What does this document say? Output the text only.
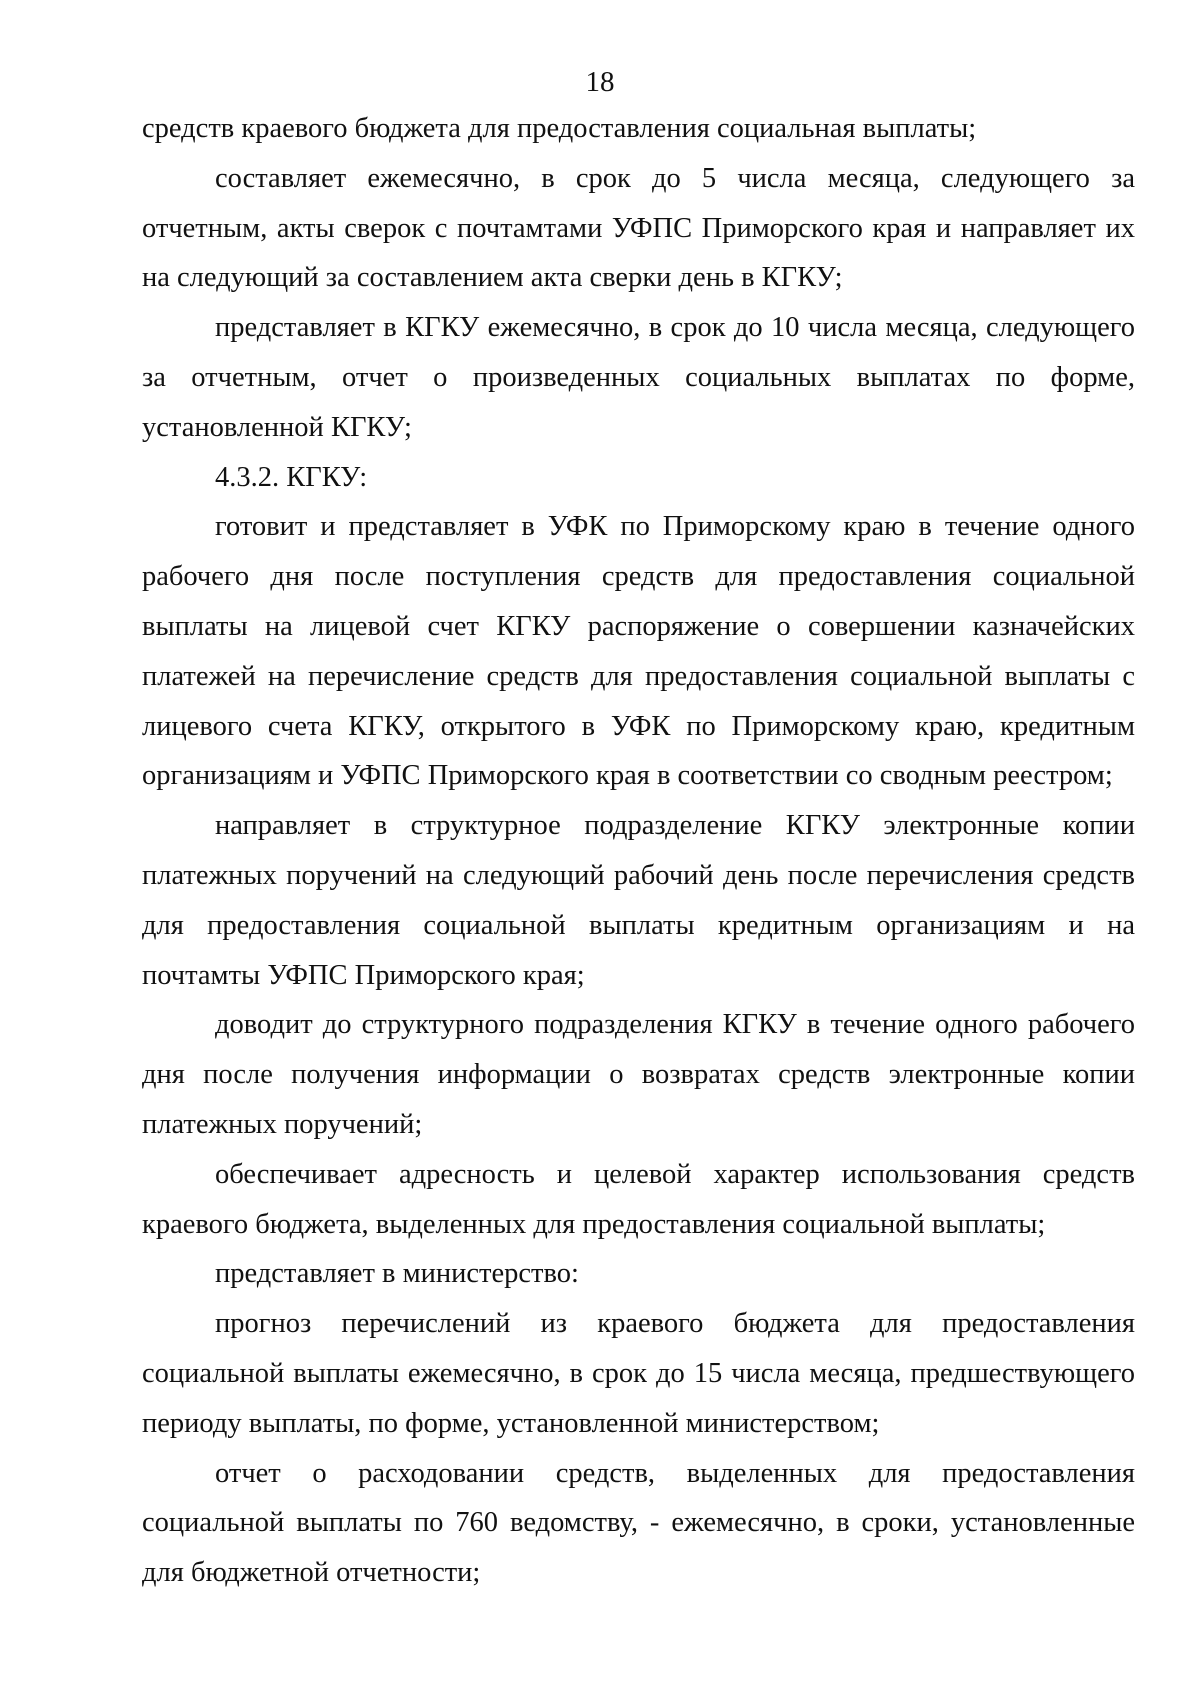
18

средств краевого бюджета для предоставления социальная выплаты;

составляет ежемесячно, в срок до 5 числа месяца, следующего за отчетным, акты сверок с почтамтами УФПС Приморского края и направляет их на следующий за составлением акта сверки день в КГКУ;

представляет в КГКУ ежемесячно, в срок до 10 числа месяца, следующего за отчетным, отчет о произведенных социальных выплатах по форме, установленной КГКУ;

4.3.2. КГКУ:

готовит и представляет в УФК по Приморскому краю в течение одного рабочего дня после поступления средств для предоставления социальной выплаты на лицевой счет КГКУ распоряжение о совершении казначейских платежей на перечисление средств для предоставления социальной выплаты с лицевого счета КГКУ, открытого в УФК по Приморскому краю, кредитным организациям и УФПС Приморского края в соответствии со сводным реестром;

направляет в структурное подразделение КГКУ электронные копии платежных поручений на следующий рабочий день после перечисления средств для предоставления социальной выплаты кредитным организациям и на почтамты УФПС Приморского края;

доводит до структурного подразделения КГКУ в течение одного рабочего дня после получения информации о возвратах средств электронные копии платежных поручений;

обеспечивает адресность и целевой характер использования средств краевого бюджета, выделенных для предоставления социальной выплаты;

представляет в министерство:

прогноз перечислений из краевого бюджета для предоставления социальной выплаты ежемесячно, в срок до 15 числа месяца, предшествующего периоду выплаты, по форме, установленной министерством;

отчет о расходовании средств, выделенных для предоставления социальной выплаты по 760 ведомству, - ежемесячно, в сроки, установленные для бюджетной отчетности;
